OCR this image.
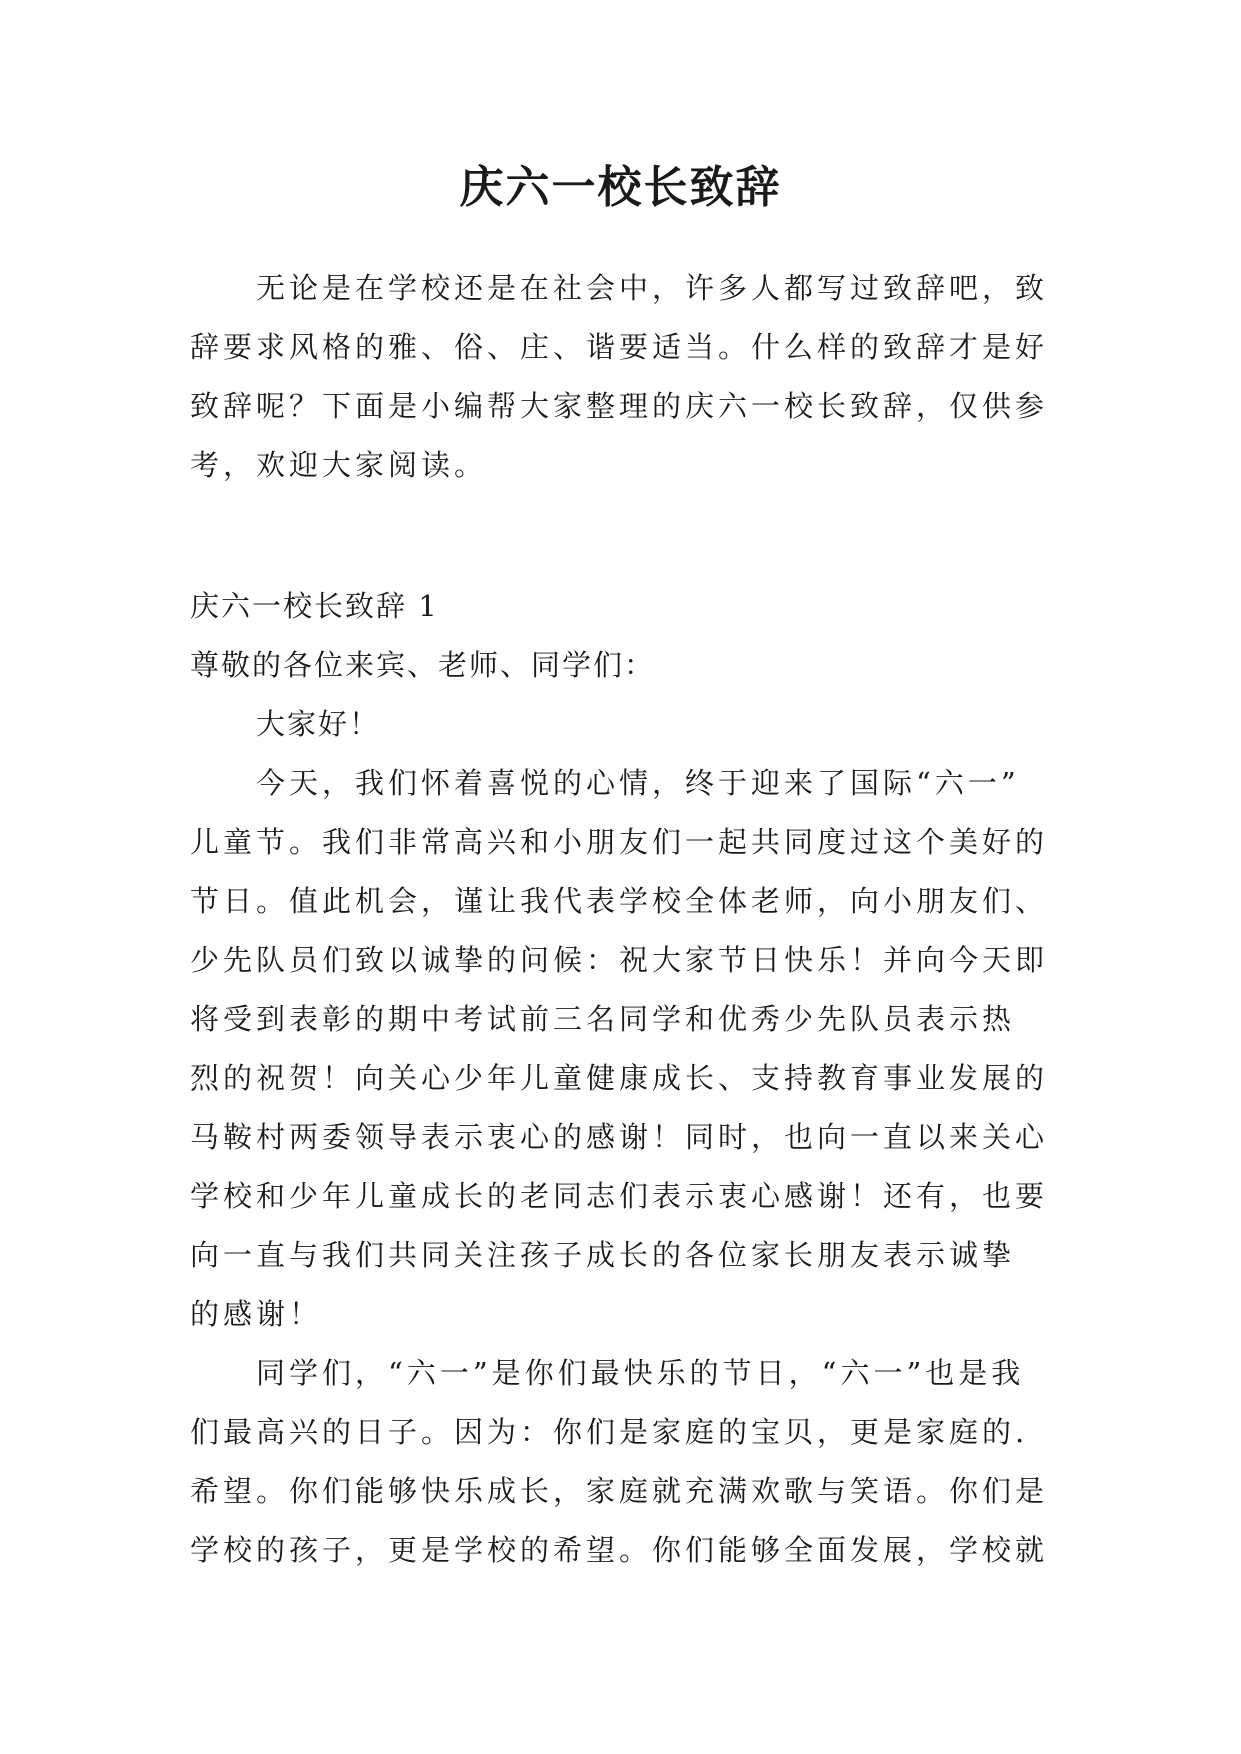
庆六一校长致辞
无论是在学校还是在社会中，许多人都写过致辞吧，致
辞要求风格的雅、俗、庄、谐要适当。什么样的致辞才是好
致辞呢？下面是小编帮大家整理的庆六一校长致辞，仅供参
考，欢迎大家阅读。
庆六一校长致辞 1
尊敬的各位来宾、老师、同学们：
大家好！
今天，我们怀着喜悦的心情，终于迎来了国际“六一”
儿童节。我们非常高兴和小朋友们一起共同度过这个美好的
节日。值此机会，谨让我代表学校全体老师，向小朋友们、
少先队员们致以诚挚的问候：祝大家节日快乐！并向今天即
将受到表彰的期中考试前三名同学和优秀少先队员表示热
烈的祝贺！向关心少年儿童健康成长、支持教育事业发展的
马鞍村两委领导表示衷心的感谢！同时，也向一直以来关心
学校和少年儿童成长的老同志们表示衷心感谢！还有，也要
向一直与我们共同关注孩子成长的各位家长朋友表示诚挚
的感谢！
同学们，“六一”是你们最快乐的节日，“六一”也是我
们最高兴的日子。因为：你们是家庭的宝贝，更是家庭的.
希望。你们能够快乐成长，家庭就充满欢歌与笑语。你们是
学校的孩子，更是学校的希望。你们能够全面发展，学校就
